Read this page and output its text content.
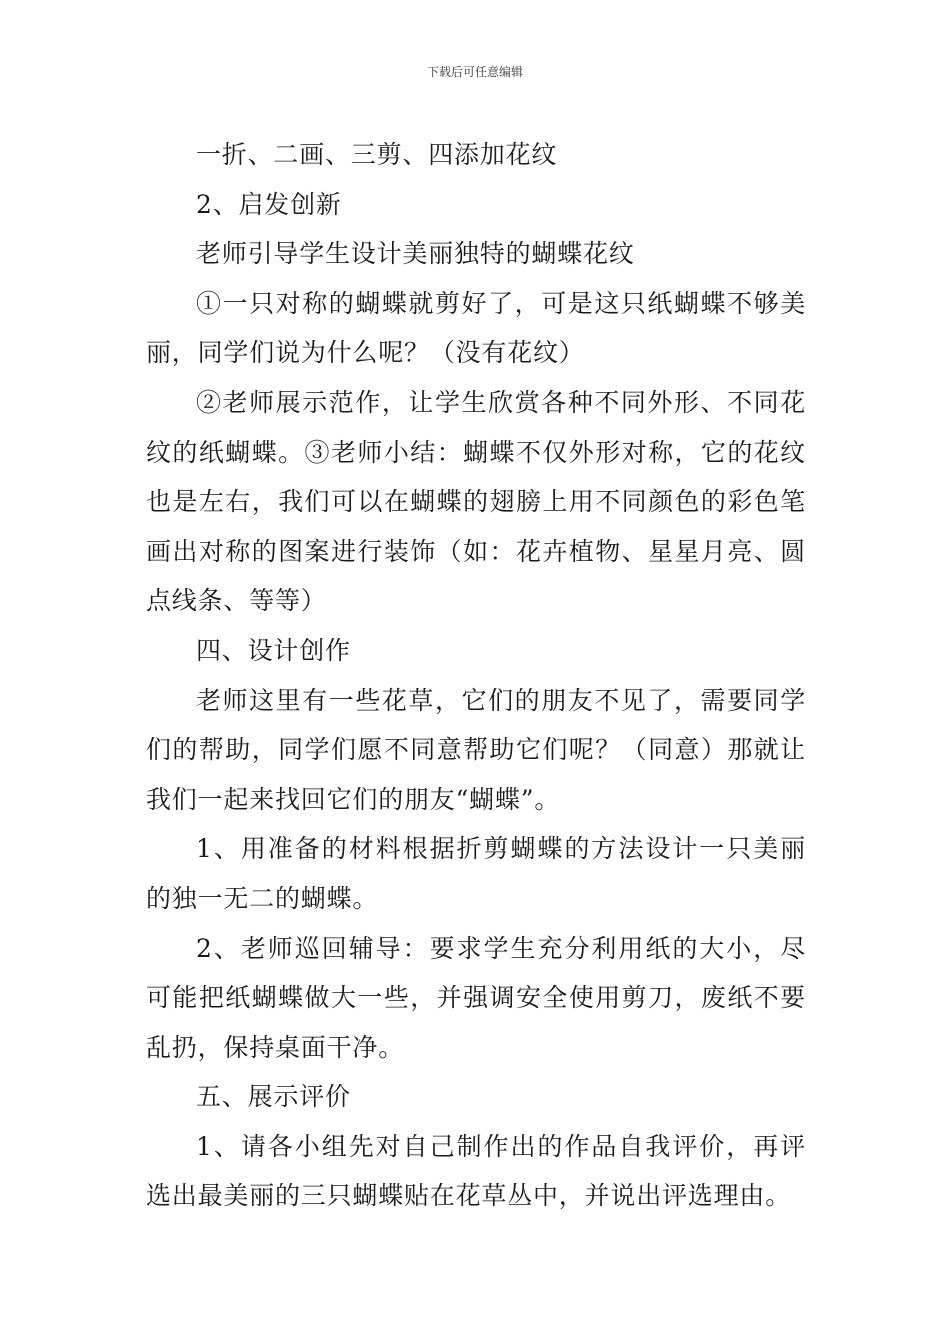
下载后可任意编辑

一折、二画、三剪、四添加花纹

2、启发创新

老师引导学生设计美丽独特的蝴蝶花纹

①一只对称的蝴蝶就剪好了，可是这只纸蝴蝶不够美丽，同学们说为什么呢？（没有花纹）

②老师展示范作，让学生欣赏各种不同外形、不同花纹的纸蝴蝶。③老师小结：蝴蝶不仅外形对称，它的花纹也是左右，我们可以在蝴蝶的翅膀上用不同颜色的彩色笔画出对称的图案进行装饰（如：花卉植物、星星月亮、圆点线条、等等）

四、设计创作

老师这里有一些花草，它们的朋友不见了，需要同学们的帮助，同学们愿不同意帮助它们呢？（同意）那就让我们一起来找回它们的朋友“蝴蝶”。

1、用准备的材料根据折剪蝴蝶的方法设计一只美丽的独一无二的蝴蝶。

2、老师巡回辅导：要求学生充分利用纸的大小，尽可能把纸蝴蝶做大一些，并强调安全使用剪刀，废纸不要乱扔，保持桌面干净。

五、展示评价

1、请各小组先对自己制作出的作品自我评价，再评选出最美丽的三只蝴蝶贴在花草丛中，并说出评选理由。
